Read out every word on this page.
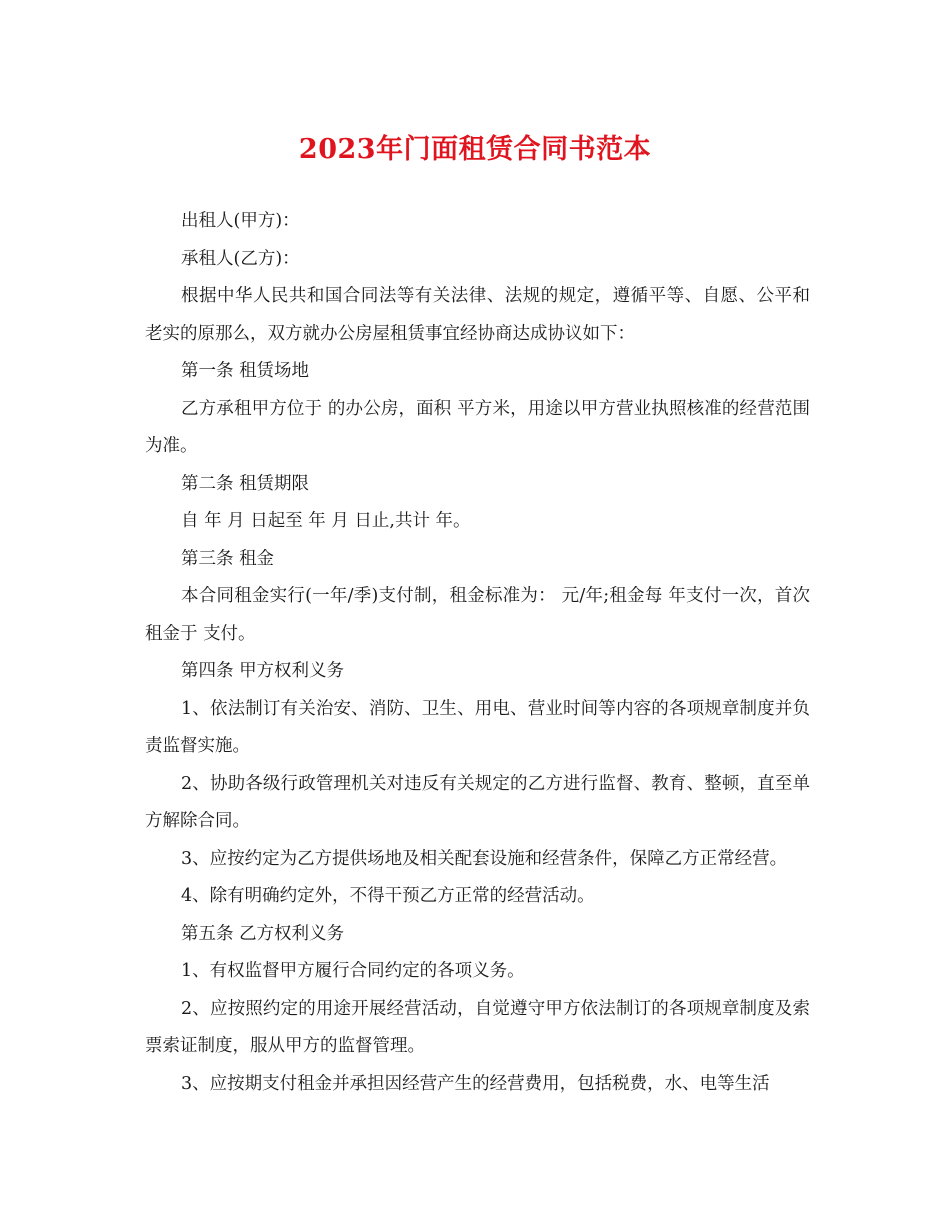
2023年门面租赁合同书范本

出租人(甲方)：

承租人(乙方)：

根据中华人民共和国合同法等有关法律、法规的规定，遵循平等、自愿、公平和老实的原那么，双方就办公房屋租赁事宜经协商达成协议如下：

第一条 租赁场地

乙方承租甲方位于 的办公房，面积 平方米，用途以甲方营业执照核准的经营范围为准。

第二条 租赁期限

自 年 月 日起至 年 月 日止,共计 年。

第三条 租金

本合同租金实行(一年/季)支付制，租金标准为： 元/年;租金每 年支付一次，首次租金于 支付。

第四条 甲方权利义务

1、依法制订有关治安、消防、卫生、用电、营业时间等内容的各项规章制度并负责监督实施。

2、协助各级行政管理机关对违反有关规定的乙方进行监督、教育、整顿，直至单方解除合同。

3、应按约定为乙方提供场地及相关配套设施和经营条件，保障乙方正常经营。

4、除有明确约定外，不得干预乙方正常的经营活动。

第五条 乙方权利义务

1、有权监督甲方履行合同约定的各项义务。

2、应按照约定的用途开展经营活动，自觉遵守甲方依法制订的各项规章制度及索票索证制度，服从甲方的监督管理。

3、应按期支付租金并承担因经营产生的经营费用，包括税费，水、电等生活
